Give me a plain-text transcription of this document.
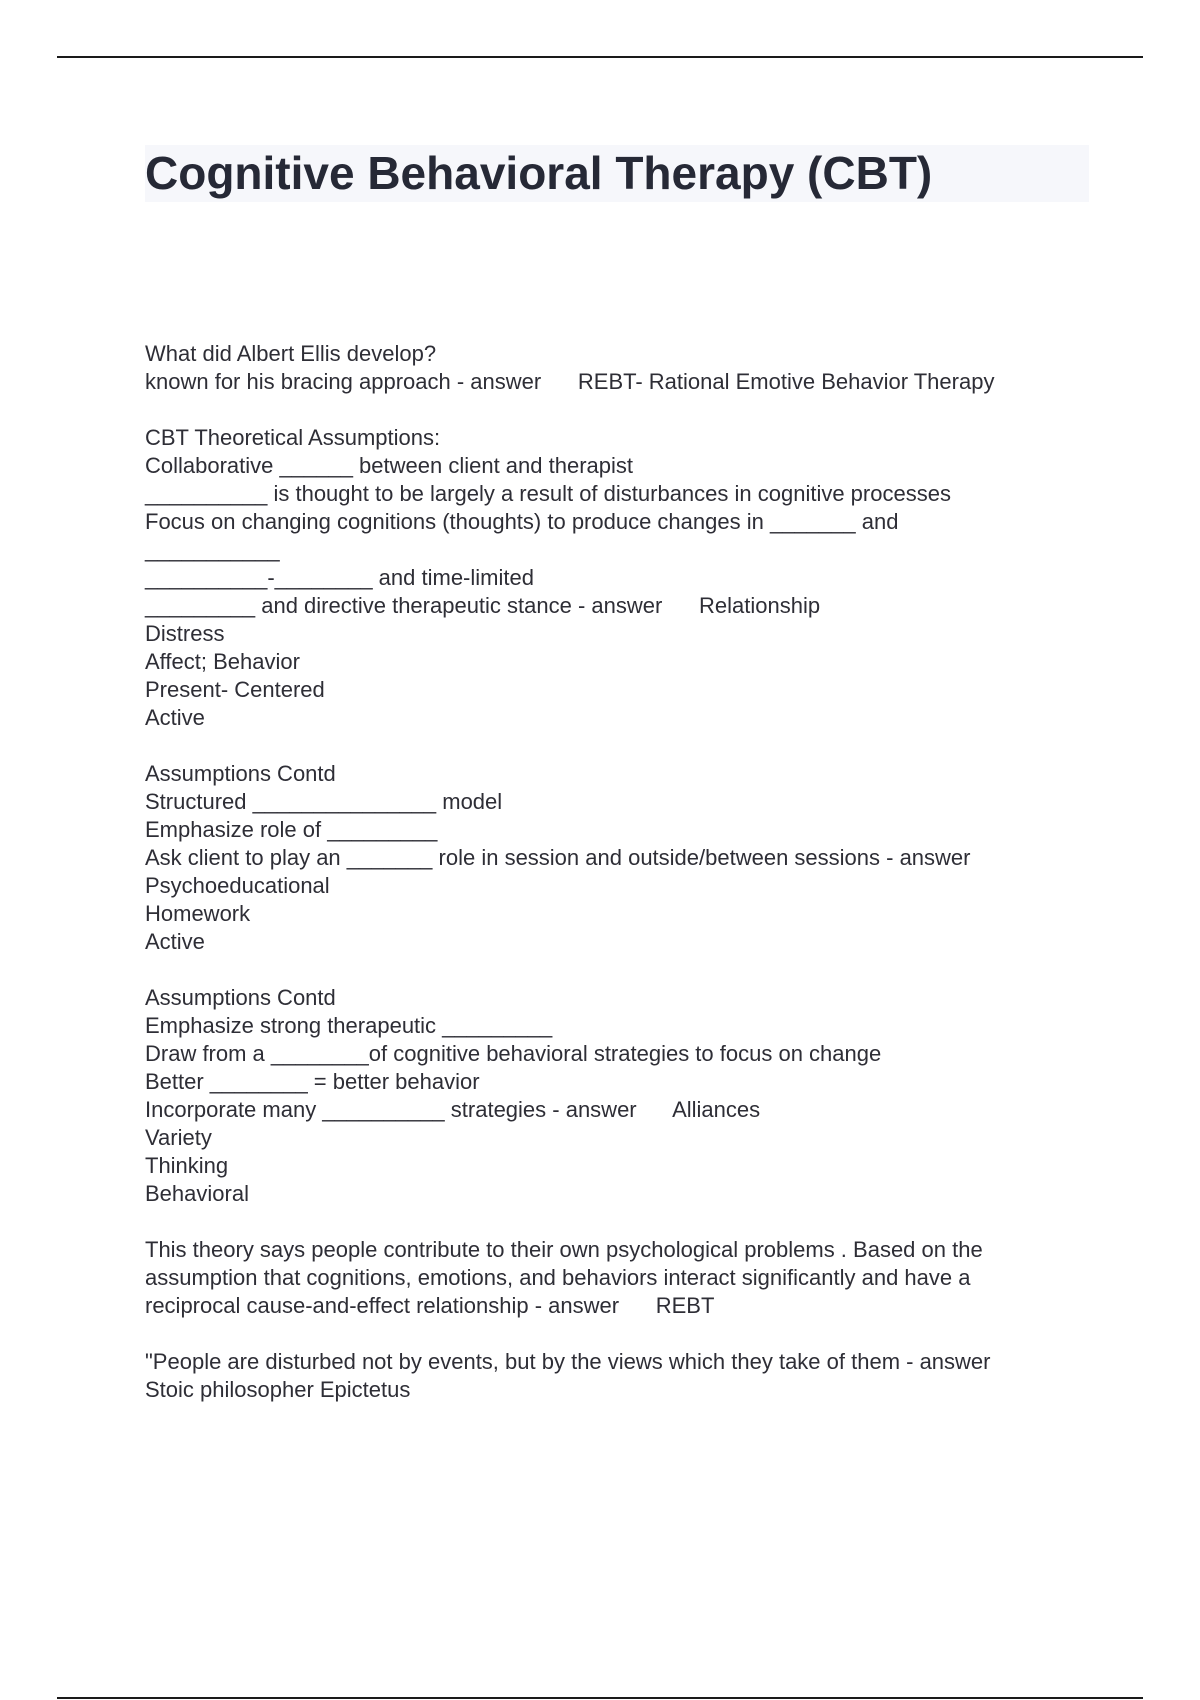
Cognitive Behavioral Therapy (CBT)
What did Albert Ellis develop?
known for his bracing approach - answer      REBT- Rational Emotive Behavior Therapy
CBT Theoretical Assumptions:
Collaborative ______ between client and therapist
__________ is thought to be largely a result of disturbances in cognitive processes
Focus on changing cognitions (thoughts) to produce changes in _______ and
___________
__________-________ and time-limited
_________ and directive therapeutic stance - answer      Relationship
Distress
Affect; Behavior
Present- Centered
Active
Assumptions Contd
Structured _______________ model
Emphasize role of _________
Ask client to play an _______ role in session and outside/between sessions - answer
Psychoeducational
Homework
Active
Assumptions Contd
Emphasize strong therapeutic _________
Draw from a ________of cognitive behavioral strategies to focus on change
Better ________ = better behavior
Incorporate many __________ strategies - answer      Alliances
Variety
Thinking
Behavioral
This theory says people contribute to their own psychological problems . Based on the
assumption that cognitions, emotions, and behaviors interact significantly and have a
reciprocal cause-and-effect relationship - answer      REBT
"People are disturbed not by events, but by the views which they take of them - answer
Stoic philosopher Epictetus
